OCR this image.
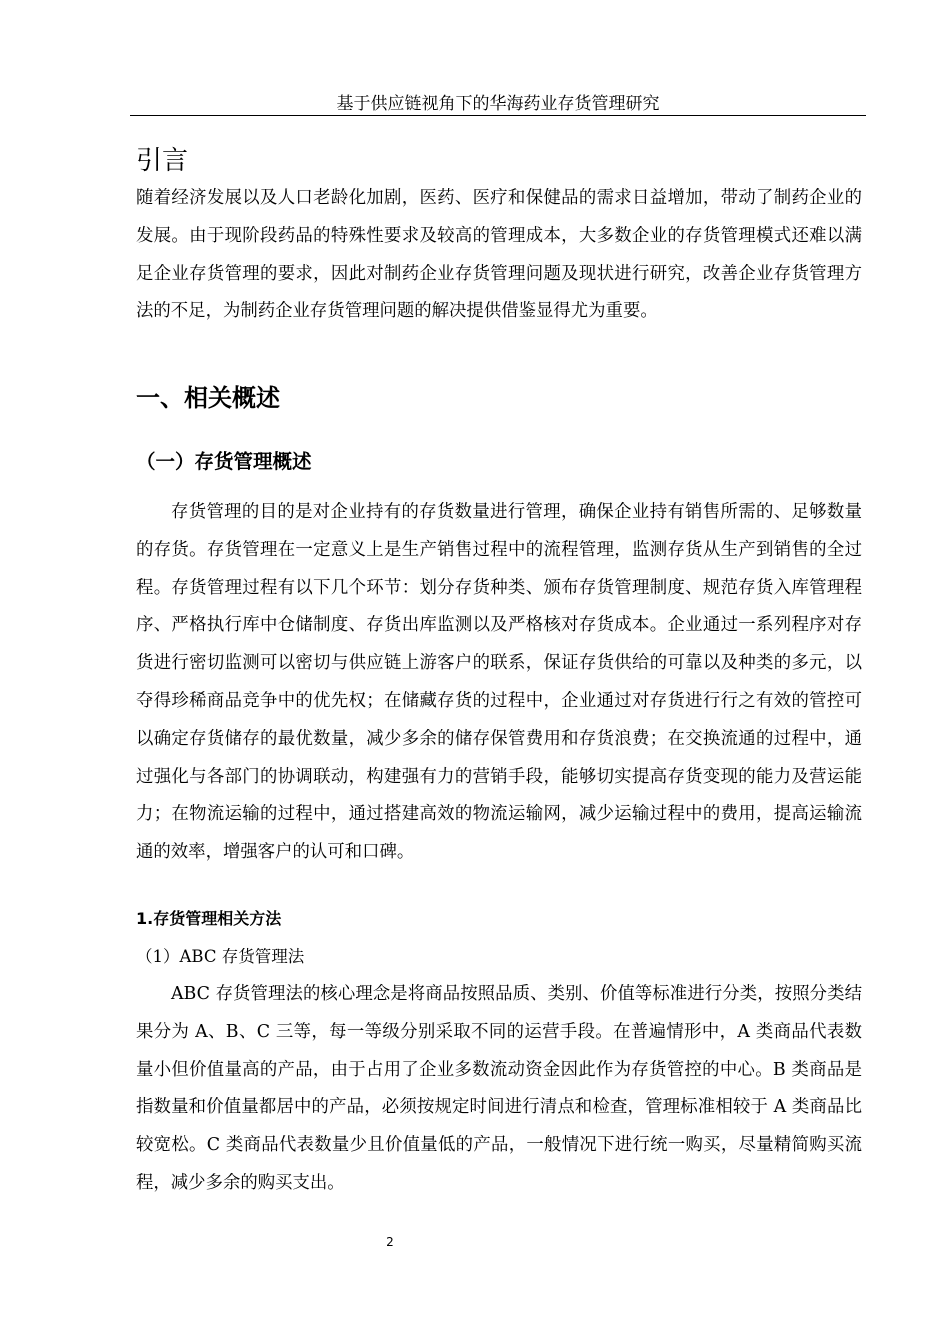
基于供应链视角下的华海药业存货管理研究
引言

随着经济发展以及人口老龄化加剧，医药、医疗和保健品的需求日益增加，带动了制药企业的发展。由于现阶段药品的特殊性要求及较高的管理成本，大多数企业的存货管理模式还难以满足企业存货管理的要求，因此对制药企业存货管理问题及现状进行研究，改善企业存货管理方法的不足，为制药企业存货管理问题的解决提供借鉴显得尤为重要。

一、相关概述
（一）存货管理概述

存货管理的目的是对企业持有的存货数量进行管理，确保企业持有销售所需的、足够数量的存货。存货管理在一定意义上是生产销售过程中的流程管理，监测存货从生产到销售的全过程。存货管理过程有以下几个环节：划分存货种类、颁布存货管理制度、规范存货入库管理程序、严格执行库中仓储制度、存货出库监测以及严格核对存货成本。企业通过一系列程序对存货进行密切监测可以密切与供应链上游客户的联系，保证存货供给的可靠以及种类的多元，以夺得珍稀商品竞争中的优先权；在储藏存货的过程中，企业通过对存货进行行之有效的管控可以确定存货储存的最优数量，减少多余的储存保管费用和存货浪费；在交换流通的过程中，通过强化与各部门的协调联动，构建强有力的营销手段，能够切实提高存货变现的能力及营运能力；在物流运输的过程中，通过搭建高效的物流运输网，减少运输过程中的费用，提高运输流通的效率，增强客户的认可和口碑。

1.存货管理相关方法
（1）ABC 存货管理法

ABC 存货管理法的核心理念是将商品按照品质、类别、价值等标准进行分类，按照分类结果分为 A、B、C 三等，每一等级分别采取不同的运营手段。在普遍情形中，A 类商品代表数量小但价值量高的产品，由于占用了企业多数流动资金因此作为存货管控的中心。B 类商品是指数量和价值量都居中的产品，必须按规定时间进行清点和检查，管理标准相较于 A 类商品比较宽松。C 类商品代表数量少且价值量低的产品，一般情况下进行统一购买，尽量精简购买流程，减少多余的购买支出。

2
